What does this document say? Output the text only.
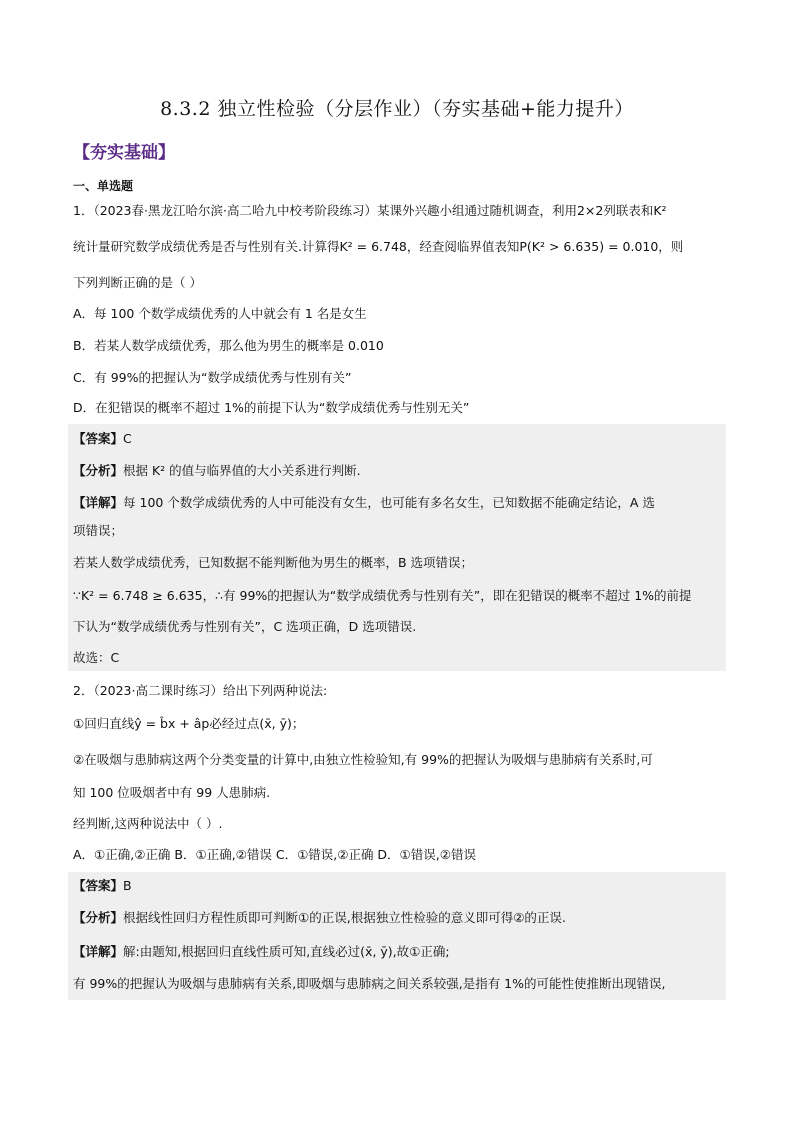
8.3.2 独立性检验（分层作业）（夯实基础+能力提升）
【夯实基础】
一、单选题
1．（2023春·黑龙江哈尔滨·高二哈九中校考阶段练习）某课外兴趣小组通过随机调查，利用2×2列联表和K²
统计量研究数学成绩优秀是否与性别有关.计算得K² = 6.748，经查阅临界值表知P(K² > 6.635) = 0.010，则
下列判断正确的是（ ）
A．每 100 个数学成绩优秀的人中就会有 1 名是女生
B．若某人数学成绩优秀，那么他为男生的概率是 0.010
C．有 99%的把握认为“数学成绩优秀与性别有关”
D．在犯错误的概率不超过 1%的前提下认为“数学成绩优秀与性别无关”
【答案】C
【分析】根据 K² 的值与临界值的大小关系进行判断.
【详解】每 100 个数学成绩优秀的人中可能没有女生，也可能有多名女生，已知数据不能确定结论，A 选
项错误；
若某人数学成绩优秀，已知数据不能判断他为男生的概率，B 选项错误；
∵K² = 6.748 ≥ 6.635，∴有 99%的把握认为“数学成绩优秀与性别有关”，即在犯错误的概率不超过 1%的前提
下认为“数学成绩优秀与性别有关”，C 选项正确，D 选项错误.
故选：C
2．（2023·高二课时练习）给出下列两种说法:
①回归直线ŷ = b̂x + âp必经过点(x̄, ȳ)；
②在吸烟与患肺病这两个分类变量的计算中,由独立性检验知,有 99%的把握认为吸烟与患肺病有关系时,可
知 100 位吸烟者中有 99 人患肺病.
经判断,这两种说法中（ ）.
A．①正确,②正确 B．①正确,②错误 C．①错误,②正确 D．①错误,②错误
【答案】B
【分析】根据线性回归方程性质即可判断①的正误,根据独立性检验的意义即可得②的正误.
【详解】解:由题知,根据回归直线性质可知,直线必过(x̄, ȳ),故①正确;
有 99%的把握认为吸烟与患肺病有关系,即吸烟与患肺病之间关系较强,是指有 1%的可能性使推断出现错误,
